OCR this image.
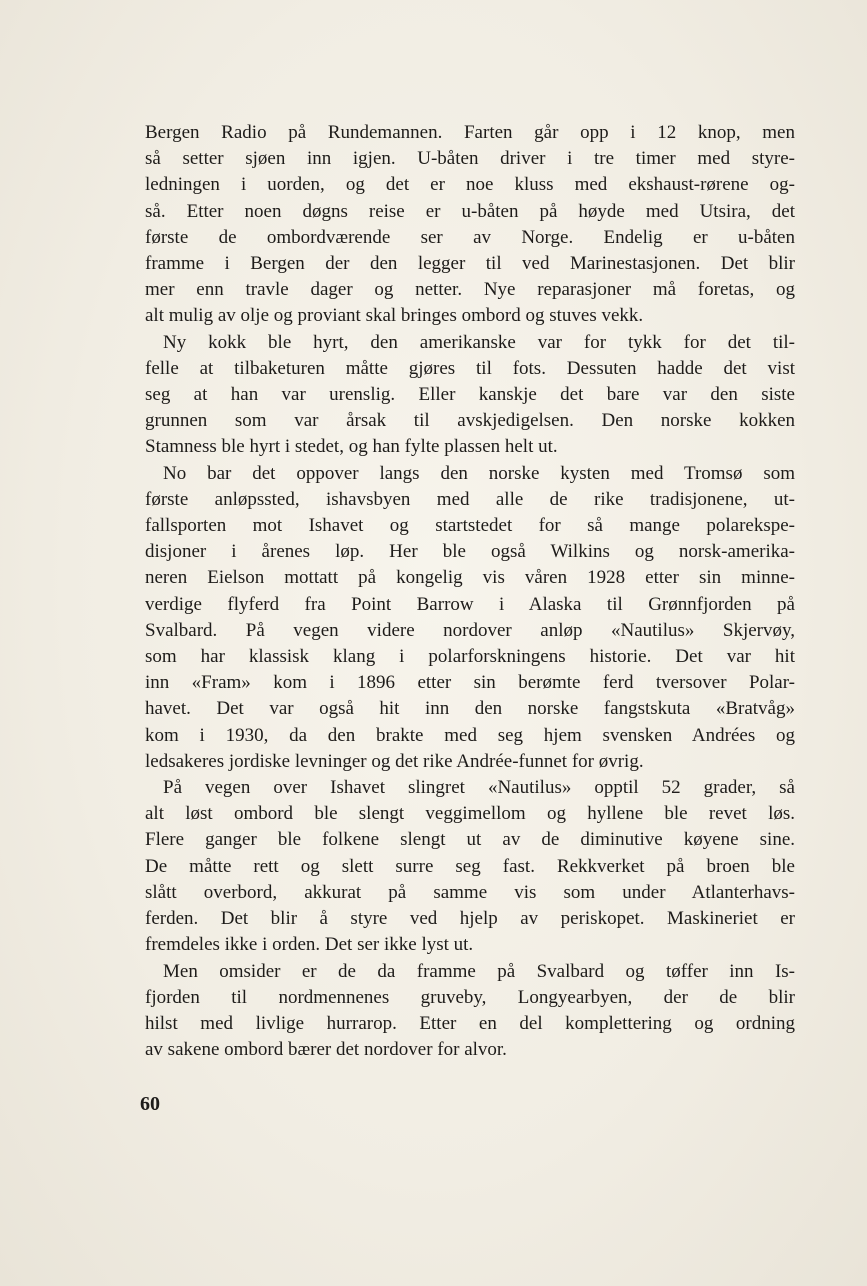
Bergen Radio på Rundemannen. Farten går opp i 12 knop, men
så setter sjøen inn igjen. U-båten driver i tre timer med styre-
ledningen i uorden, og det er noe kluss med ekshaust-rørene og-
så. Etter noen døgns reise er u-båten på høyde med Utsira, det
første de ombordværende ser av Norge. Endelig er u-båten
framme i Bergen der den legger til ved Marinestasjonen. Det blir
mer enn travle dager og netter. Nye reparasjoner må foretas, og
alt mulig av olje og proviant skal bringes ombord og stuves vekk.
Ny kokk ble hyrt, den amerikanske var for tykk for det til-
felle at tilbaketuren måtte gjøres til fots. Dessuten hadde det vist
seg at han var urenslig. Eller kanskje det bare var den siste
grunnen som var årsak til avskjedigelsen. Den norske kokken
Stamness ble hyrt i stedet, og han fylte plassen helt ut.
No bar det oppover langs den norske kysten med Tromsø som
første anløpssted, ishavsbyen med alle de rike tradisjonene, ut-
fallsporten mot Ishavet og startstedet for så mange polarekspe-
disjoner i årenes løp. Her ble også Wilkins og norsk-amerika-
neren Eielson mottatt på kongelig vis våren 1928 etter sin minne-
verdige flyferd fra Point Barrow i Alaska til Grønnfjorden på
Svalbard. På vegen videre nordover anløp «Nautilus» Skjervøy,
som har klassisk klang i polarforskningens historie. Det var hit
inn «Fram» kom i 1896 etter sin berømte ferd tversover Polar-
havet. Det var også hit inn den norske fangstskuta «Bratvåg»
kom i 1930, da den brakte med seg hjem svensken Andrées og
ledsakeres jordiske levninger og det rike Andrée-funnet for øvrig.
På vegen over Ishavet slingret «Nautilus» opptil 52 grader, så
alt løst ombord ble slengt veggimellom og hyllene ble revet løs.
Flere ganger ble folkene slengt ut av de diminutive køyene sine.
De måtte rett og slett surre seg fast. Rekkverket på broen ble
slått overbord, akkurat på samme vis som under Atlanterhavs-
ferden. Det blir å styre ved hjelp av periskopet. Maskineriet er
fremdeles ikke i orden. Det ser ikke lyst ut.
Men omsider er de da framme på Svalbard og tøffer inn Is-
fjorden til nordmennenes gruveby, Longyearbyen, der de blir
hilst med livlige hurrarop. Etter en del komplettering og ordning
av sakene ombord bærer det nordover for alvor.
60
